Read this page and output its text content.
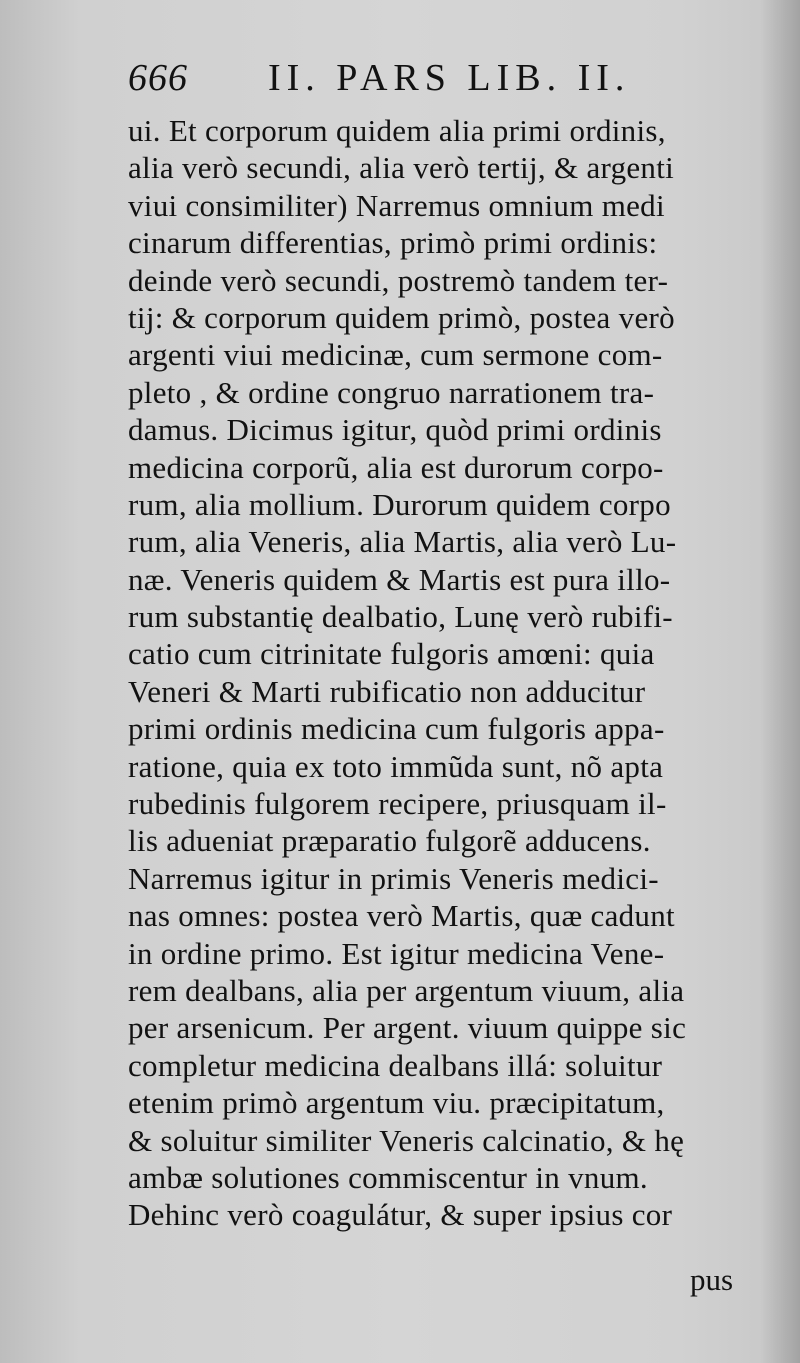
666 II. PARS LIB. II.
ui. Et corporum quidem alia primi ordinis,
alia verò secundi, alia verò tertij, & argenti
viui consimiliter) Narremus omnium medi
cinarum differentias, primò primi ordinis:
deinde verò secundi, postremò tandem ter-
tij: & corporum quidem primò, postea verò
argenti viui medicinæ, cum sermone com-
pleto , & ordine congruo narrationem tra-
damus. Dicimus igitur, quòd primi ordinis
medicina corporũ, alia est durorum corpo-
rum, alia mollium. Durorum quidem corpo
rum, alia Veneris, alia Martis, alia verò Lu-
næ. Veneris quidem & Martis est pura illo-
rum substantię dealbatio, Lunę verò rubifi-
catio cum citrinitate fulgoris amœni: quia
Veneri & Marti rubificatio non adducitur
primi ordinis medicina cum fulgoris appa-
ratione, quia ex toto immũda sunt, nõ apta
rubedinis fulgorem recipere, priusquam il-
lis adueniat præparatio fulgorẽ adducens.
Narremus igitur in primis Veneris medici-
nas omnes: postea verò Martis, quæ cadunt
in ordine primo. Est igitur medicina Vene-
rem dealbans, alia per argentum viuum, alia
per arsenicum. Per argent. viuum quippe sic
completur medicina dealbans illá: soluitur
etenim primò argentum viu. præcipitatum,
& soluitur similiter Veneris calcinatio, & hę
ambæ solutiones commiscentur in vnum.
Dehinc verò coagulátur, & super ipsius cor
pus
